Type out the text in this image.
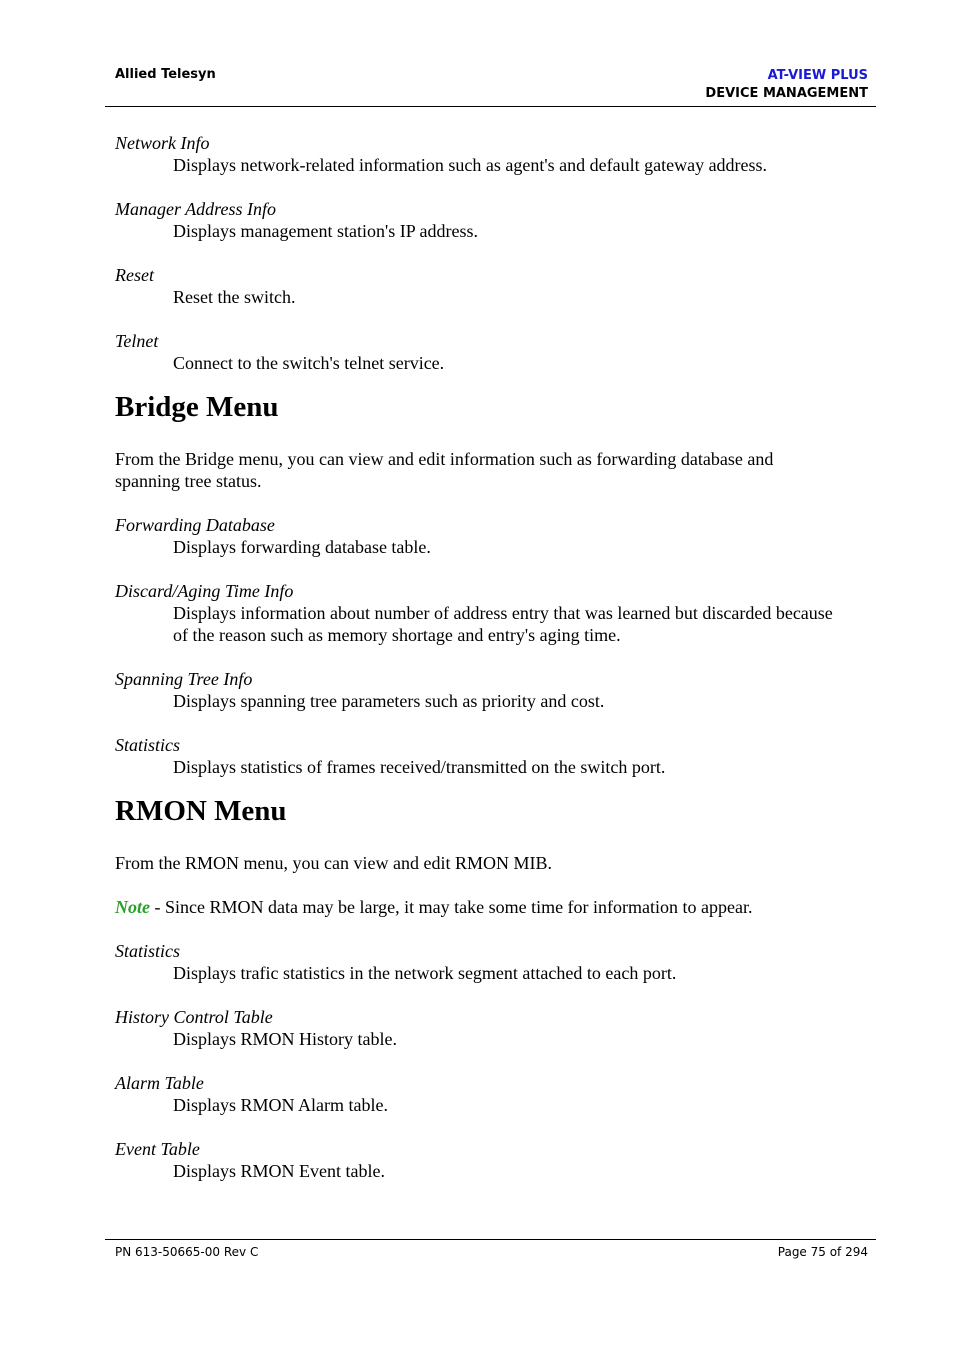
Allied Telesyn	AT-VIEW PLUS
DEVICE MANAGEMENT
Network Info
Displays network-related information such as agent's and default gateway address.
Manager Address Info
Displays management station's IP address.
Reset
Reset the switch.
Telnet
Connect to the switch's telnet service.
Bridge Menu
From the Bridge menu, you can view and edit information such as forwarding database and spanning tree status.
Forwarding Database
Displays forwarding database table.
Discard/Aging Time Info
Displays information about number of address entry that was learned but discarded because of the reason such as memory shortage and entry's aging time.
Spanning Tree Info
Displays spanning tree parameters such as priority and cost.
Statistics
Displays statistics of frames received/transmitted on the switch port.
RMON Menu
From the RMON menu, you can view and edit RMON MIB.
Note - Since RMON data may be large, it may take some time for information to appear.
Statistics
Displays trafic statistics in the network segment attached to each port.
History Control Table
Displays RMON History table.
Alarm Table
Displays RMON Alarm table.
Event Table
Displays RMON Event table.
PN 613-50665-00 Rev C	Page 75 of 294
